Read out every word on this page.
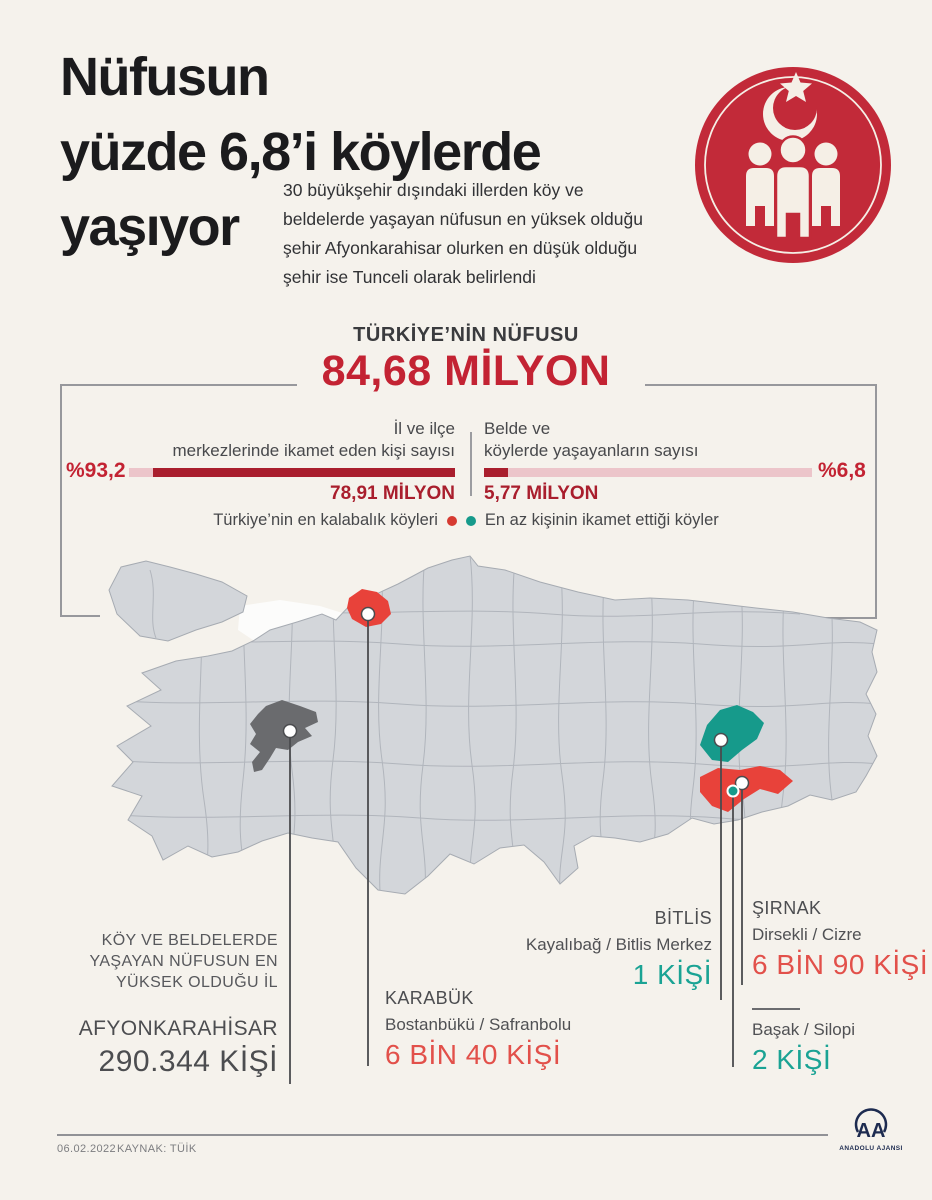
Nüfusun
yüzde 6,8’i köylerde
yaşıyor
30 büyükşehir dışındaki illerden köy ve
beldelerde yaşayan nüfusun en yüksek olduğu
şehir Afyonkarahisar olurken en düşük olduğu
şehir ise Tunceli olarak belirlendi
TÜRKİYE’NİN NÜFUSU
84,68 MİLYON
İl ve ilçe
merkezlerinde ikamet eden kişi sayısı
Belde ve
köylerde yaşayanların sayısı
%93,2	%6,8
78,91 MİLYON 5,77 MİLYON
Türkiye’nin en kalabalık köyleri	En az kişinin ikamet ettiği köyler
KÖY VE BELDELERDE
YAŞAYAN NÜFUSUN EN
YÜKSEK OLDUĞU İL
AFYONKARAHİSAR
290.344 KİŞİ
KARABÜK
Bostanbükü / Safranbolu
6 BİN 40 KİŞİ
BİTLİS
Kayalıbağ / Bitlis Merkez
1 KİŞİ
ŞIRNAK
Dirsekli / Cizre
6 BİN 90 KİŞİ
Başak / Silopi
2 KİŞİ
06.02.2022 KAYNAK: TÜİK
AA
ANADOLU AJANSI
